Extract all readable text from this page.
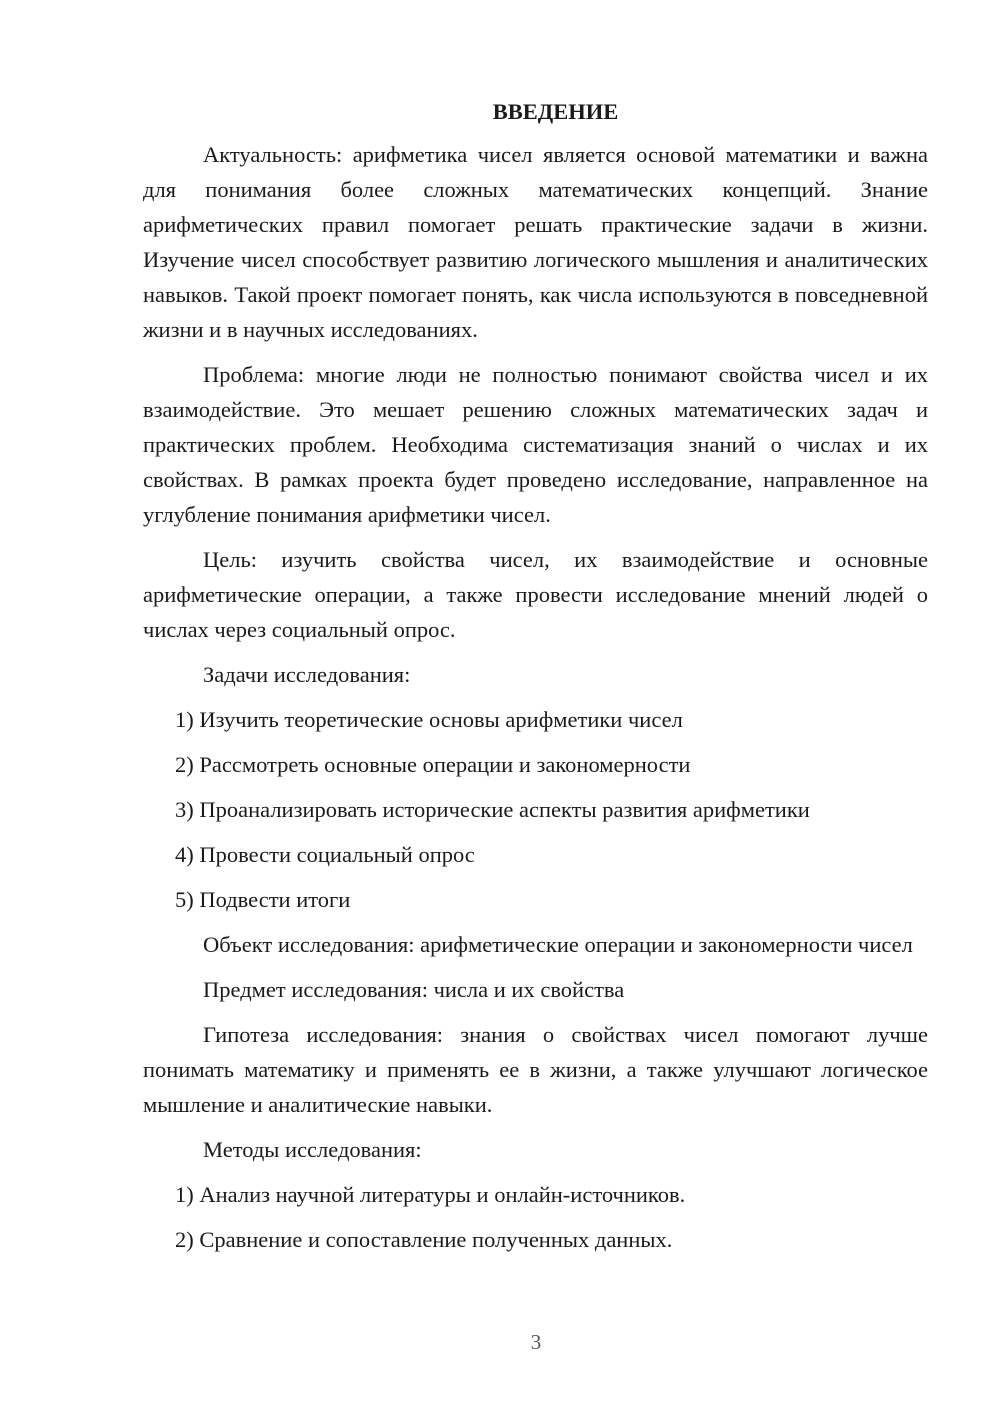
ВВЕДЕНИЕ

Актуальность: арифметика чисел является основой математики и важна для понимания более сложных математических концепций. Знание арифметических правил помогает решать практические задачи в жизни. Изучение чисел способствует развитию логического мышления и аналитических навыков. Такой проект помогает понять, как числа используются в повседневной жизни и в научных исследованиях.

Проблема: многие люди не полностью понимают свойства чисел и их взаимодействие. Это мешает решению сложных математических задач и практических проблем. Необходима систематизация знаний о числах и их свойствах. В рамках проекта будет проведено исследование, направленное на углубление понимания арифметики чисел.

Цель: изучить свойства чисел, их взаимодействие и основные арифметические операции, а также провести исследование мнений людей о числах через социальный опрос.

Задачи исследования:

1) Изучить теоретические основы арифметики чисел
2) Рассмотреть основные операции и закономерности
3) Проанализировать исторические аспекты развития арифметики
4) Провести социальный опрос
5) Подвести итоги

Объект исследования: арифметические операции и закономерности чисел

Предмет исследования: числа и их свойства

Гипотеза исследования: знания о свойствах чисел помогают лучше понимать математику и применять ее в жизни, а также улучшают логическое мышление и аналитические навыки.

Методы исследования:

1) Анализ научной литературы и онлайн-источников.
2) Сравнение и сопоставление полученных данных.
3
